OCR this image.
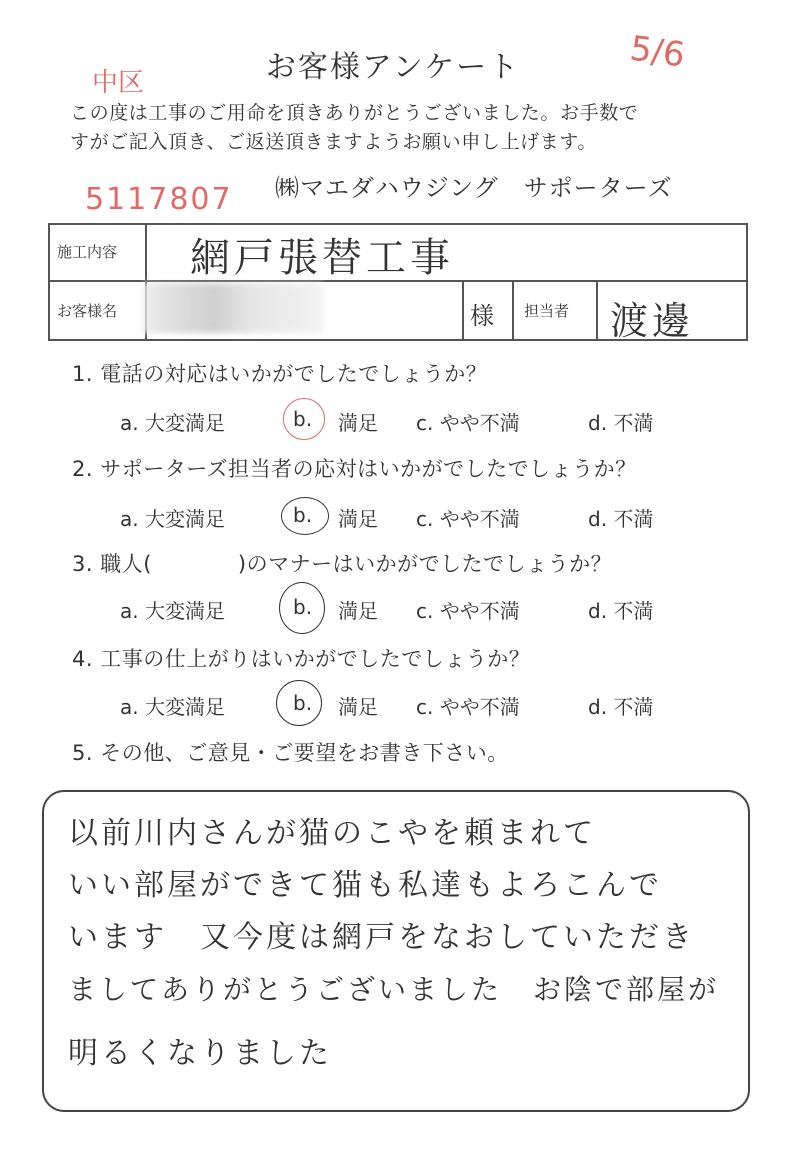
お客様アンケート
この度は工事のご用命を頂きありがとうございました。お手数で
すがご記入頂き、ご返送頂きますようお願い申し上げます。
㈱マエダハウジング　サポーターズ
中区
5/6
5117807
施工内容 網戸張替工事
お客様名	様 担当者 渡邊
1. 電話の対応はいかがでしたでしょうか？
a. 大変満足	b. 満足 c. やや不満	d. 不満
2. サポーターズ担当者の応対はいかがでしたでしょうか？
a. 大変満足	b. 満足 c. やや不満	d. 不満
3. 職人(　　　　)のマナーはいかがでしたでしょうか？
a. 大変満足	b. 満足 c. やや不満	d. 不満
4. 工事の仕上がりはいかがでしたでしょうか？
a. 大変満足	b. 満足 c. やや不満	d. 不満
5. その他、ご意見・ご要望をお書き下さい。
以前川内さんが猫のこやを頼まれて
いい部屋ができて猫も私達もよろこんで
います　又今度は網戸をなおしていただき
ましてありがとうございました　お陰で部屋が
明るくなりました
